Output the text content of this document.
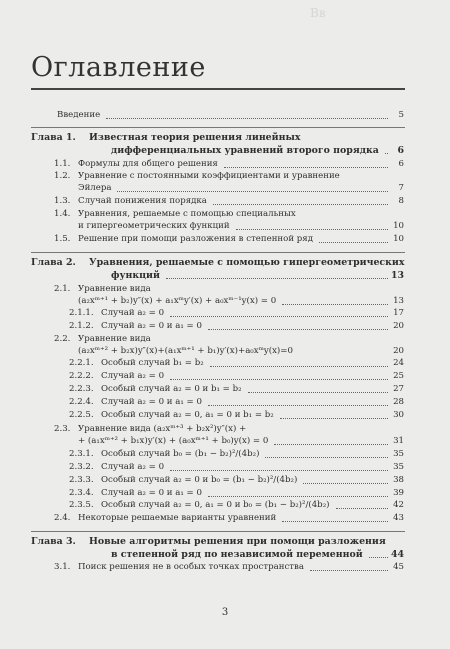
Вв
Оглавление
Введение	5
Глава 1. Известная теория решения линейных
дифференциальных уравнений второго порядка 6
1.1. Формулы для общего решения	6
1.2. Уравнение с постоянными коэффициентами и уравнение
Эйлера	7
1.3. Случай понижения порядка	8
1.4. Уравнения, решаемые с помощью специальных
и гипергеометрических функций	10
1.5. Решение при помощи разложения в степенной ряд	10
Глава 2. Уравнения, решаемые с помощью гипергеометрических
функций	13
2.1. Уравнение вида
(a₂xᵐ⁺¹ + b₂)y″(x) + a₁xᵐy′(x) + a₀xᵐ⁻¹y(x) = 0	13
2.1.1. Случай a₂ = 0	17
2.1.2. Случай a₂ = 0 и a₁ = 0	20
2.2. Уравнение вида
(a₂xᵐ⁺² + b₂x)y″(x)+(a₁xᵐ⁺¹ + b₁)y′(x)+a₀xᵐy(x)=0	20
2.2.1. Особый случай b₁ = b₂	24
2.2.2. Случай a₂ = 0	25
2.2.3. Особый случай a₂ = 0 и b₁ = b₂	27
2.2.4. Случай a₂ = 0 и a₁ = 0	28
2.2.5. Особый случай a₂ = 0, a₁ = 0 и b₁ = b₂	30
2.3. Уравнение вида (a₂xᵐ⁺³ + b₂x²)y″(x) +
+ (a₁xᵐ⁺² + b₁x)y′(x) + (a₀xᵐ⁺¹ + b₀)y(x) = 0	31
2.3.1. Особый случай b₀ = (b₁ − b₂)²/(4b₂)	35
2.3.2. Случай a₂ = 0	35
2.3.3. Особый случай a₂ = 0 и b₀ = (b₁ − b₂)²/(4b₂)	38
2.3.4. Случай a₂ = 0 и a₁ = 0	39
2.3.5. Особый случай a₂ = 0, a₁ = 0 и b₀ = (b₁ − b₂)²/(4b₂)	42
2.4. Некоторые решаемые варианты уравнений	43
Глава 3. Новые алгоритмы решения при помощи разложения
в степенной ряд по независимой переменной	44
3.1. Поиск решения не в особых точках пространства	45
3
